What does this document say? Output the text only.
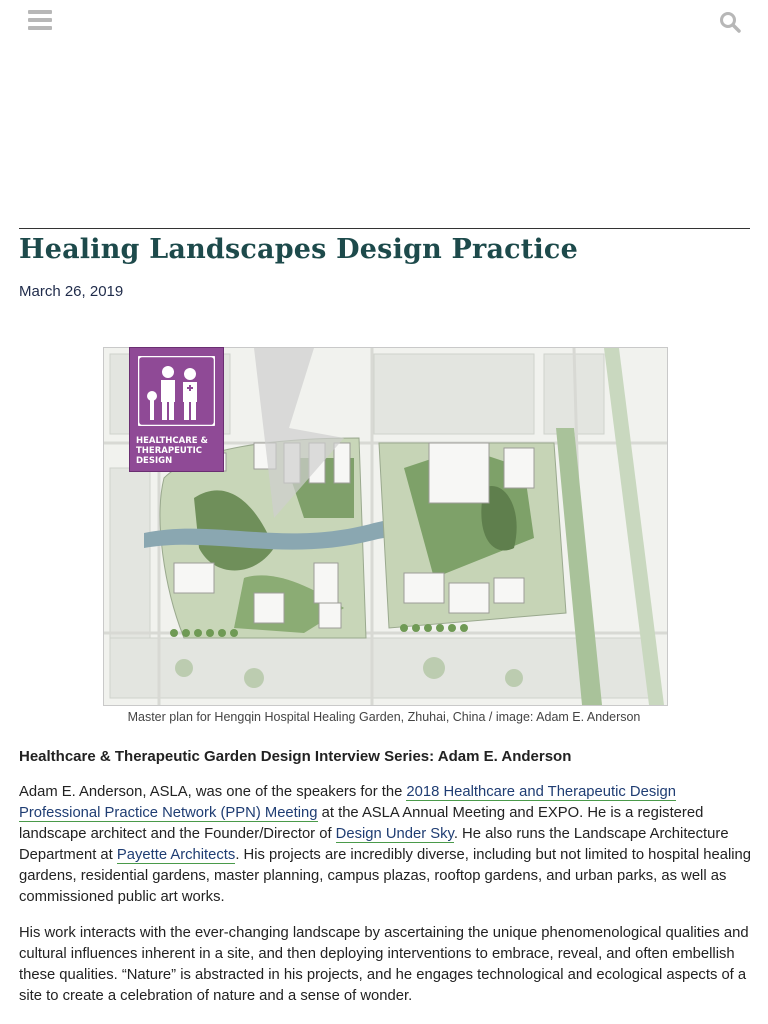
Healing Landscapes Design Practice
March 26, 2019
HEALTHCARE &
THERAPEUTIC
DESIGN
Master plan for Hengqin Hospital Healing Garden, Zhuhai, China / image: Adam E. Anderson
Healthcare & Therapeutic Garden Design Interview Series: Adam E. Anderson

Adam E. Anderson, ASLA, was one of the speakers for the 2018 Healthcare and Therapeutic Design Professional Practice Network (PPN) Meeting at the ASLA Annual Meeting and EXPO. He is a registered landscape architect and the Founder/Director of Design Under Sky. He also runs the Landscape Architecture Department at Payette Architects. His projects are incredibly diverse, including but not limited to hospital healing gardens, residential gardens, master planning, campus plazas, rooftop gardens, and urban parks, as well as commissioned public art works.

His work interacts with the ever-changing landscape by ascertaining the unique phenomenological qualities and cultural influences inherent in a site, and then deploying interventions to embrace, reveal, and often embellish these qualities. “Nature” is abstracted in his projects, and he engages technological and ecological aspects of a site to create a celebration of nature and a sense of wonder.
